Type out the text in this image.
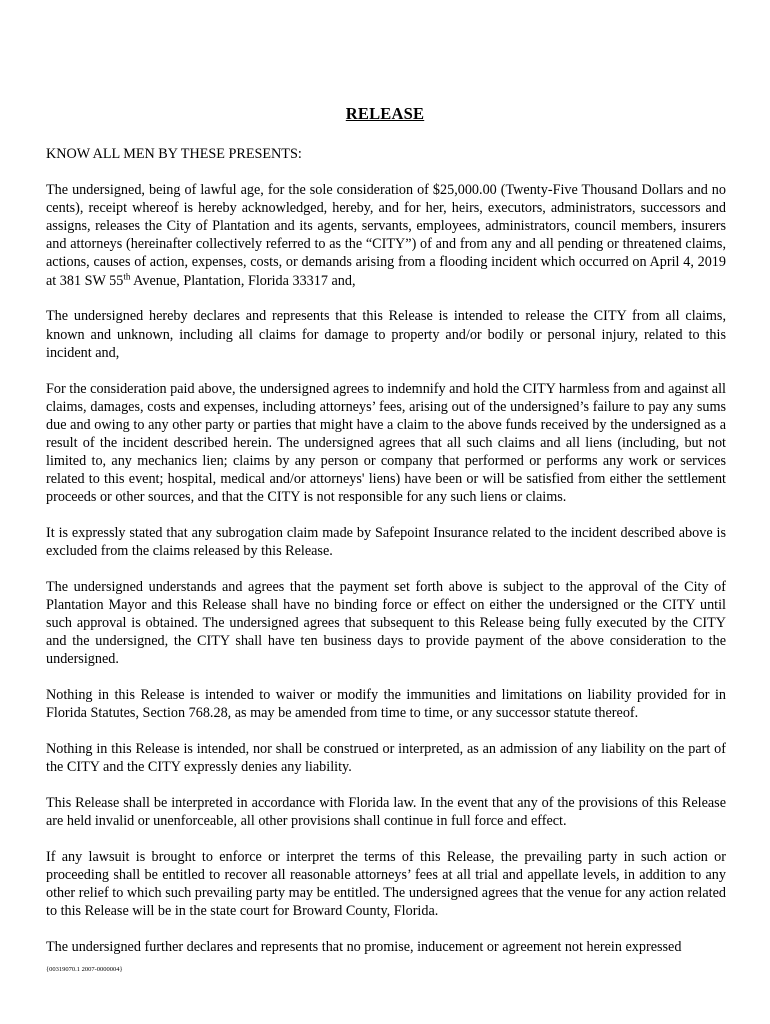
RELEASE

KNOW ALL MEN BY THESE PRESENTS:

The undersigned, being of lawful age, for the sole consideration of $25,000.00 (Twenty-Five Thousand Dollars and no cents), receipt whereof is hereby acknowledged, hereby, and for her, heirs, executors, administrators, successors and assigns, releases the City of Plantation and its agents, servants, employees, administrators, council members, insurers and attorneys (hereinafter collectively referred to as the “CITY”) of and from any and all pending or threatened claims, actions, causes of action, expenses, costs, or demands arising from a flooding incident which occurred on April 4, 2019 at 381 SW 55th Avenue, Plantation, Florida 33317 and,

The undersigned hereby declares and represents that this Release is intended to release the CITY from all claims, known and unknown, including all claims for damage to property and/or bodily or personal injury, related to this incident and,

For the consideration paid above, the undersigned agrees to indemnify and hold the CITY harmless from and against all claims, damages, costs and expenses, including attorneys’ fees, arising out of the undersigned’s failure to pay any sums due and owing to any other party or parties that might have a claim to the above funds received by the undersigned as a result of the incident described herein. The undersigned agrees that all such claims and all liens (including, but not limited to, any mechanics lien; claims by any person or company that performed or performs any work or services related to this event; hospital, medical and/or attorneys' liens) have been or will be satisfied from either the settlement proceeds or other sources, and that the CITY is not responsible for any such liens or claims.

It is expressly stated that any subrogation claim made by Safepoint Insurance related to the incident described above is excluded from the claims released by this Release.

The undersigned understands and agrees that the payment set forth above is subject to the approval of the City of Plantation Mayor and this Release shall have no binding force or effect on either the undersigned or the CITY until such approval is obtained. The undersigned agrees that subsequent to this Release being fully executed by the CITY and the undersigned, the CITY shall have ten business days to provide payment of the above consideration to the undersigned.

Nothing in this Release is intended to waiver or modify the immunities and limitations on liability provided for in Florida Statutes, Section 768.28, as may be amended from time to time, or any successor statute thereof.

Nothing in this Release is intended, nor shall be construed or interpreted, as an admission of any liability on the part of the CITY and the CITY expressly denies any liability.

This Release shall be interpreted in accordance with Florida law. In the event that any of the provisions of this Release are held invalid or unenforceable, all other provisions shall continue in full force and effect.

If any lawsuit is brought to enforce or interpret the terms of this Release, the prevailing party in such action or proceeding shall be entitled to recover all reasonable attorneys’ fees at all trial and appellate levels, in addition to any other relief to which such prevailing party may be entitled. The undersigned agrees that the venue for any action related to this Release will be in the state court for Broward County, Florida.

The undersigned further declares and represents that no promise, inducement or agreement not herein expressed

{00319070.1 2007-0000004}
